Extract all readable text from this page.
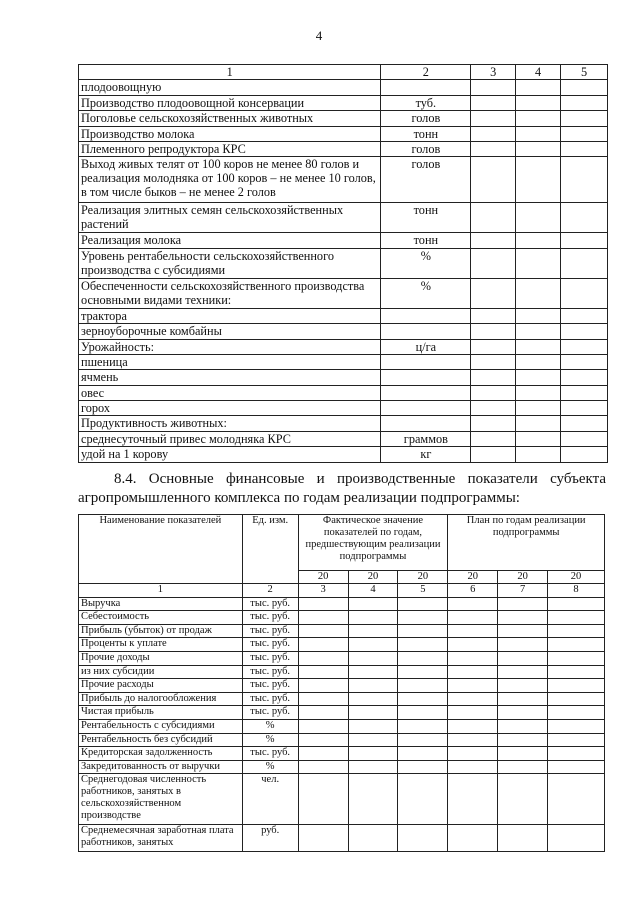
4
1	2	3	4	5
плодоовощную				
Производство плодоовощной консервации	туб.			
Поголовье сельскохозяйственных животных	голов			
Производство молока	тонн			
Племенного репродуктора КРС	голов			
Выход живых телят от 100 коров не менее 80 голов и реализация молодняка от 100 коров – не менее 10 голов, в том числе быков – не менее 2 голов	голов			
Реализация элитных семян сельскохозяйственных растений	тонн			
Реализация молока	тонн			
Уровень рентабельности сельскохозяйственного производства с субсидиями	%			
Обеспеченности сельскохозяйственного производства основными видами техники:	%			
трактора				
зерноуборочные комбайны				
Урожайность:	ц/га			
пшеница				
ячмень				
овес				
горох				
Продуктивность животных:				
среднесуточный привес молодняка КРС	граммов			
удой на 1 корову	кг			
8.4. Основные финансовые и производственные показатели субъекта
агропромышленного комплекса по годам реализации подпрограммы:
Наименование показателей	Ед. изм.	Фактическое значение показателей по годам, предшествующим реализации подпрограммы			План по годам реализации подпрограммы		
		20	20	20	20	20	20
1	2	3	4	5	6	7	8
Выручка	тыс. руб.						
Себестоимость	тыс. руб.						
Прибыль (убыток) от продаж	тыс. руб.						
Проценты к уплате	тыс. руб.						
Прочие доходы	тыс. руб.						
из них субсидии	тыс. руб.						
Прочие расходы	тыс. руб.						
Прибыль до налогообложения	тыс. руб.						
Чистая прибыль	тыс. руб.						
Рентабельность с субсидиями	%						
Рентабельность без субсидий	%						
Кредиторская задолженность	тыс. руб.						
Закредитованность от выручки	%						
Среднегодовая численность работников, занятых в сельскохозяйственном производстве	чел.						
Среднемесячная заработная плата работников, занятых	руб.						
